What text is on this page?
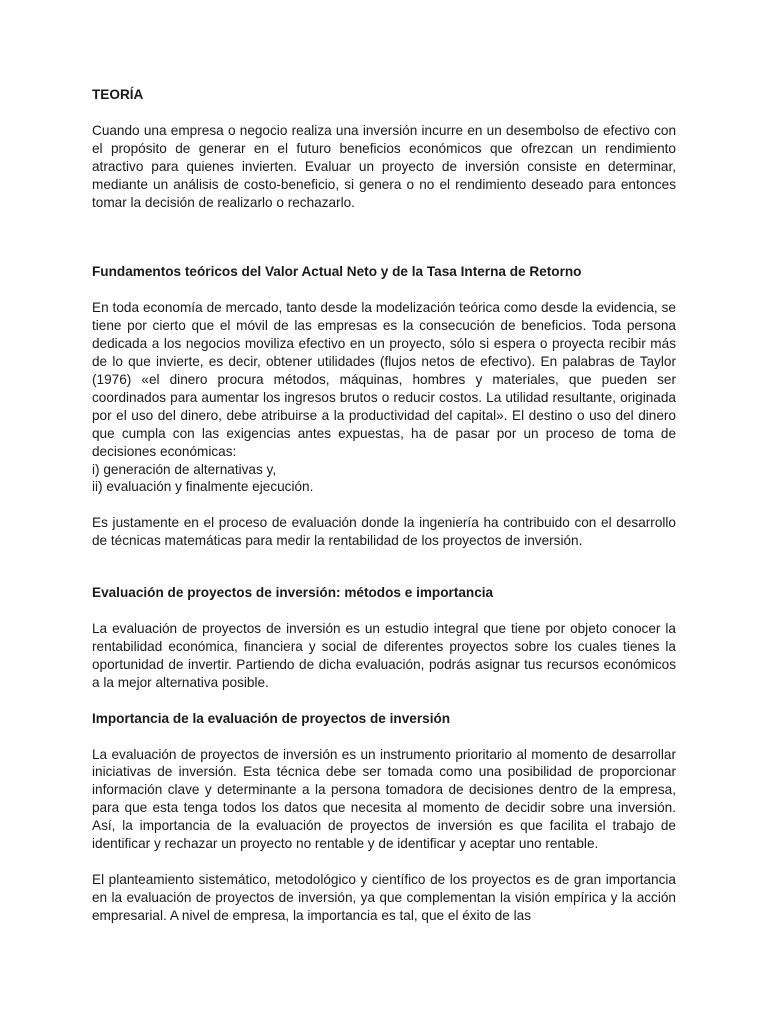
TEORÍA

Cuando una empresa o negocio realiza una inversión incurre en un desembolso de efectivo con el propósito de generar en el futuro beneficios económicos que ofrezcan un rendimiento atractivo para quienes invierten. Evaluar un proyecto de inversión consiste en determinar, mediante un análisis de costo-beneficio, si genera o no el rendimiento deseado para entonces tomar la decisión de realizarlo o rechazarlo.

Fundamentos teóricos del Valor Actual Neto y de la Tasa Interna de Retorno

En toda economía de mercado, tanto desde la modelización teórica como desde la evidencia, se tiene por cierto que el móvil de las empresas es la consecución de beneficios. Toda persona dedicada a los negocios moviliza efectivo en un proyecto, sólo si espera o proyecta recibir más de lo que invierte, es decir, obtener utilidades (flujos netos de efectivo). En palabras de Taylor (1976) «el dinero procura métodos, máquinas, hombres y materiales, que pueden ser coordinados para aumentar los ingresos brutos o reducir costos. La utilidad resultante, originada por el uso del dinero, debe atribuirse a la productividad del capital». El destino o uso del dinero que cumpla con las exigencias antes expuestas, ha de pasar por un proceso de toma de decisiones económicas:

i) generación de alternativas y,
ii) evaluación y finalmente ejecución.

Es justamente en el proceso de evaluación donde la ingeniería ha contribuido con el desarrollo de técnicas matemáticas para medir la rentabilidad de los proyectos de inversión.

Evaluación de proyectos de inversión: métodos e importancia

La evaluación de proyectos de inversión es un estudio integral que tiene por objeto conocer la rentabilidad económica, financiera y social de diferentes proyectos sobre los cuales tienes la oportunidad de invertir. Partiendo de dicha evaluación, podrás asignar tus recursos económicos a la mejor alternativa posible.

Importancia de la evaluación de proyectos de inversión

La evaluación de proyectos de inversión es un instrumento prioritario al momento de desarrollar iniciativas de inversión. Esta técnica debe ser tomada como una posibilidad de proporcionar información clave y determinante a la persona tomadora de decisiones dentro de la empresa, para que esta tenga todos los datos que necesita al momento de decidir sobre una inversión. Así, la importancia de la evaluación de proyectos de inversión es que facilita el trabajo de identificar y rechazar un proyecto no rentable y de identificar y aceptar uno rentable.

El planteamiento sistemático, metodológico y científico de los proyectos es de gran importancia en la evaluación de proyectos de inversión, ya que complementan la visión empírica y la acción empresarial. A nivel de empresa, la importancia es tal, que el éxito de las
